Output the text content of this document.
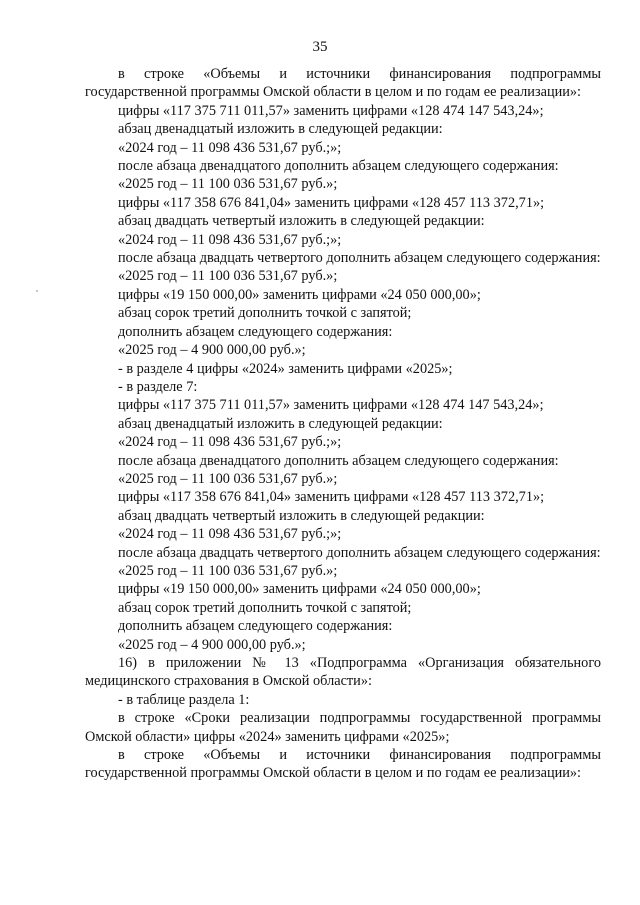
35

в строке «Объемы и источники финансирования подпрограммы государственной программы Омской области в целом и по годам ее реализации»:

цифры «117 375 711 011,57» заменить цифрами «128 474 147 543,24»;

абзац двенадцатый изложить в следующей редакции:

«2024 год – 11 098 436 531,67 руб.;»;

после абзаца двенадцатого дополнить абзацем следующего содержания:

«2025 год – 11 100 036 531,67 руб.»;

цифры «117 358 676 841,04» заменить цифрами «128 457 113 372,71»;

абзац двадцать четвертый изложить в следующей редакции:

«2024 год – 11 098 436 531,67 руб.;»;

после абзаца двадцать четвертого дополнить абзацем следующего содержания:

«2025 год – 11 100 036 531,67 руб.»;

цифры «19 150 000,00» заменить цифрами «24 050 000,00»;

абзац сорок третий дополнить точкой с запятой;

дополнить абзацем следующего содержания:

«2025 год – 4 900 000,00 руб.»;

- в разделе 4 цифры «2024» заменить цифрами «2025»;

- в разделе 7:

цифры «117 375 711 011,57» заменить цифрами «128 474 147 543,24»;

абзац двенадцатый изложить в следующей редакции:

«2024 год – 11 098 436 531,67 руб.;»;

после абзаца двенадцатого дополнить абзацем следующего содержания:

«2025 год – 11 100 036 531,67 руб.»;

цифры «117 358 676 841,04» заменить цифрами «128 457 113 372,71»;

абзац двадцать четвертый изложить в следующей редакции:

«2024 год – 11 098 436 531,67 руб.;»;

после абзаца двадцать четвертого дополнить абзацем следующего содержания:

«2025 год – 11 100 036 531,67 руб.»;

цифры «19 150 000,00» заменить цифрами «24 050 000,00»;

абзац сорок третий дополнить точкой с запятой;

дополнить абзацем следующего содержания:

«2025 год – 4 900 000,00 руб.»;

16) в приложении № 13 «Подпрограмма «Организация обязательного медицинского страхования в Омской области»:

- в таблице раздела 1:

в строке «Сроки реализации подпрограммы государственной программы Омской области» цифры «2024» заменить цифрами «2025»;

в строке «Объемы и источники финансирования подпрограммы государственной программы Омской области в целом и по годам ее реализации»:
